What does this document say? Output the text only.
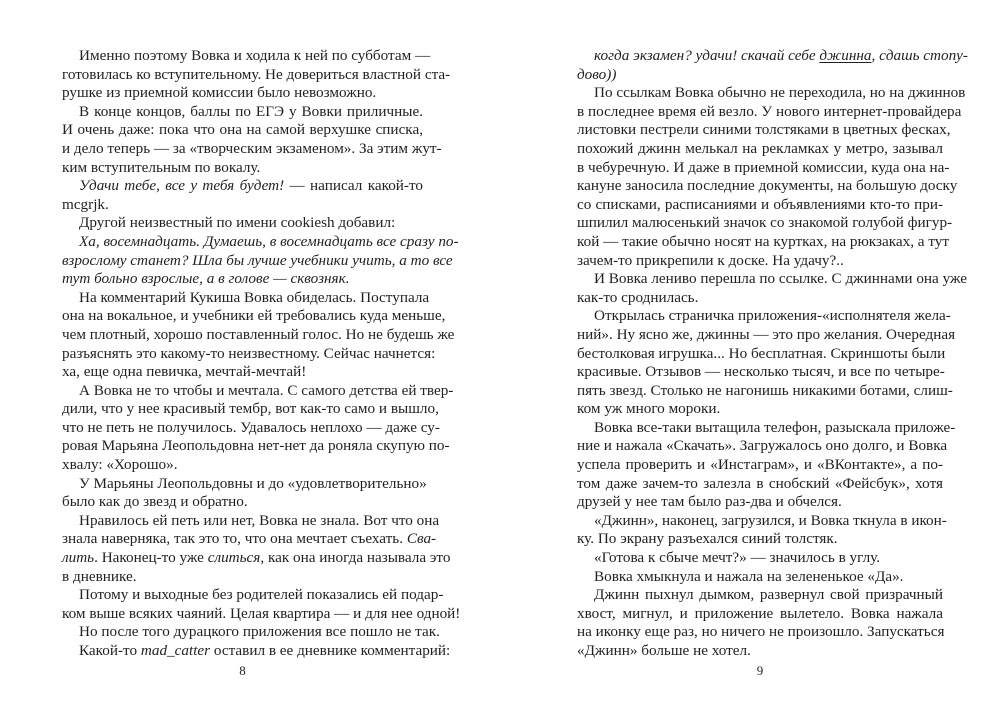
Именно поэтому Вовка и ходила к ней по субботам —
готовилась ко вступительному. Не довериться властной ста-
рушке из приемной комиссии было невозможно.
В конце концов, баллы по ЕГЭ у Вовки приличные.
И очень даже: пока что она на самой верхушке списка,
и дело теперь — за «творческим экзаменом». За этим жут-
ким вступительным по вокалу.
Удачи тебе, все у тебя будет! — написал какой-то
mcgrjk.
Другой неизвестный по имени cookiesh добавил:
Ха, восемнадцать. Думаешь, в восемнадцать все сразу по-
взрослому станет? Шла бы лучше учебники учить, а то все
тут больно взрослые, а в голове — сквозняк.
На комментарий Кукиша Вовка обиделась. Поступала
она на вокальное, и учебники ей требовались куда меньше,
чем плотный, хорошо поставленный голос. Но не будешь же
разъяснять это какому-то неизвестному. Сейчас начнется:
ха, еще одна певичка, мечтай-мечтай!
А Вовка не то чтобы и мечтала. С самого детства ей твер-
дили, что у нее красивый тембр, вот как-то само и вышло,
что не петь не получилось. Удавалось неплохо — даже су-
ровая Марьяна Леопольдовна нет-нет да роняла скупую по-
хвалу: «Хорошо».
У Марьяны Леопольдовны и до «удовлетворительно»
было как до звезд и обратно.
Нравилось ей петь или нет, Вовка не знала. Вот что она
знала наверняка, так это то, что она мечтает съехать. Сва-
лить. Наконец-то уже слиться, как она иногда называла это
в дневнике.
Потому и выходные без родителей показались ей подар-
ком выше всяких чаяний. Целая квартира — и для нее одной!
Но после того дурацкого приложения все пошло не так.
Какой-то mad_catter оставил в ее дневнике комментарий:
8
когда экзамен? удачи! скачай себе джинна, сдашь стопу-
дово))
По ссылкам Вовка обычно не переходила, но на джиннов
в последнее время ей везло. У нового интернет-провайдера
листовки пестрели синими толстяками в цветных фесках,
похожий джинн мелькал на рекламках у метро, зазывал
в чебуречную. И даже в приемной комиссии, куда она на-
кануне заносила последние документы, на большую доску
со списками, расписаниями и объявлениями кто-то при-
шпилил малюсенький значок со знакомой голубой фигур-
кой — такие обычно носят на куртках, на рюкзаках, а тут
зачем-то прикрепили к доске. На удачу?..
И Вовка лениво перешла по ссылке. С джиннами она уже
как-то сроднилась.
Открылась страничка приложения-«исполнятеля жела-
ний». Ну ясно же, джинны — это про желания. Очередная
бестолковая игрушка... Но бесплатная. Скриншоты были
красивые. Отзывов — несколько тысяч, и все по четыре-
пять звезд. Столько не нагонишь никакими ботами, слиш-
ком уж много мороки.
Вовка все-таки вытащила телефон, разыскала приложе-
ние и нажала «Скачать». Загружалось оно долго, и Вовка
успела проверить и «Инстаграм», и «ВКонтакте», а по-
том даже зачем-то залезла в снобский «Фейсбук», хотя
друзей у нее там было раз-два и обчелся.
«Джинн», наконец, загрузился, и Вовка ткнула в икон-
ку. По экрану разъехался синий толстяк.
«Готова к сбыче мечт?» — значилось в углу.
Вовка хмыкнула и нажала на зелененькое «Да».
Джинн пыхнул дымком, развернул свой призрачный
хвост, мигнул, и приложение вылетело. Вовка нажала
на иконку еще раз, но ничего не произошло. Запускаться
«Джинн» больше не хотел.
9
